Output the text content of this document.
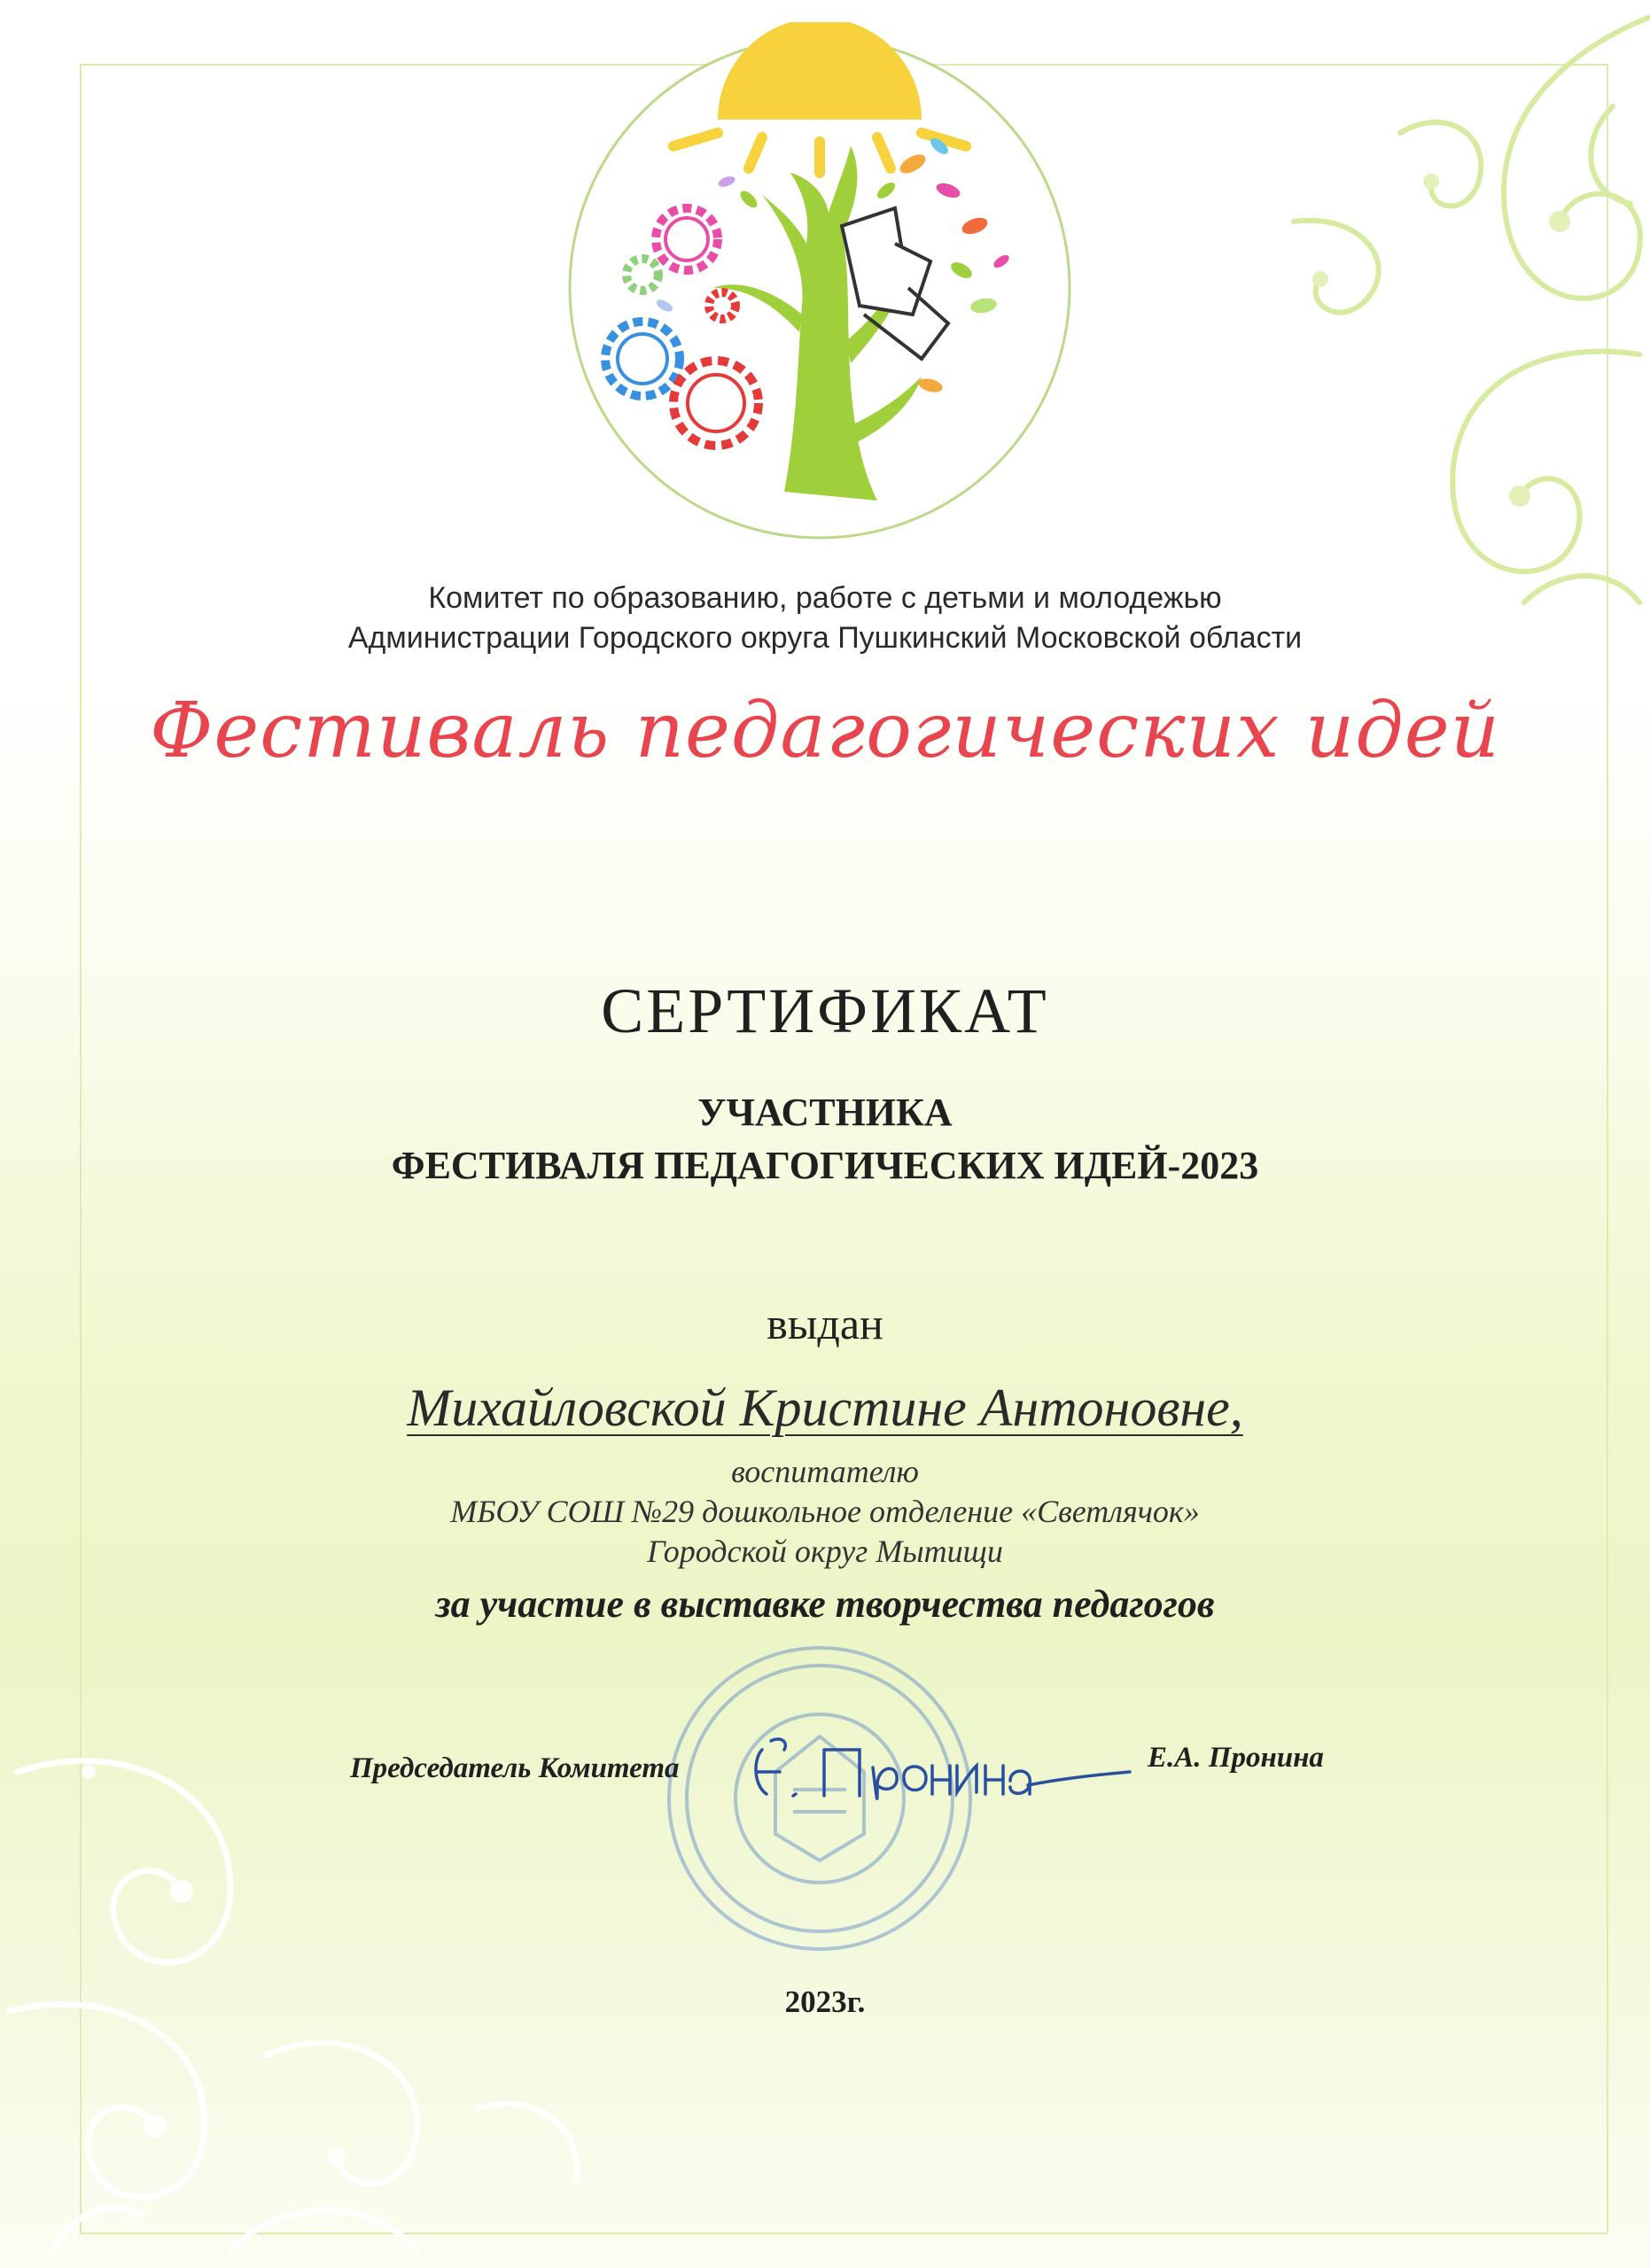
Комитет по образованию, работе с детьми и молодежью
Администрации Городского округа Пушкинский Московской области
Фестиваль педагогических идей
СЕРТИФИКАТ
УЧАСТНИКА
ФЕСТИВАЛЯ ПЕДАГОГИЧЕСКИХ ИДЕЙ-2023
выдан
Михайловской Кристине Антоновне,
воспитателю
МБОУ СОШ №29 дошкольное отделение «Светлячок»
Городской округ Мытищи
за участие в выставке творчества педагогов
Председатель Комитета	Е.А. Пронина
2023г.
